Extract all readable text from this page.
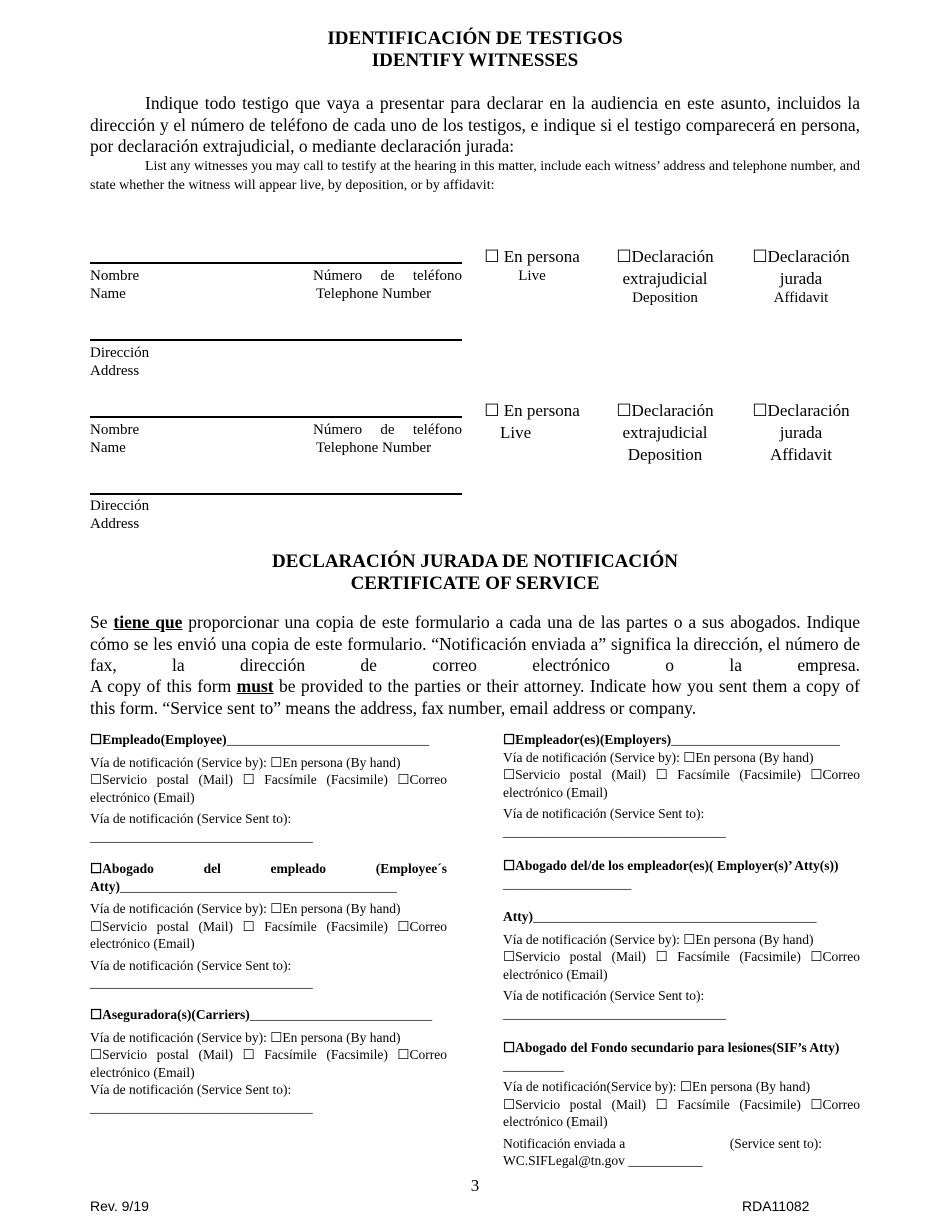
IDENTIFICACIÓN DE TESTIGOS
IDENTIFY WITNESSES
Indique todo testigo que vaya a presentar para declarar en la audiencia en este asunto, incluidos la dirección y el número de teléfono de cada uno de los testigos, e indique si el testigo comparecerá en persona, por declaración extrajudicial, o mediante declaración jurada:
List any witnesses you may call to testify at the hearing in this matter, include each witness’ address and telephone number, and state whether the witness will appear live, by deposition, or by affidavit:
Nombre
Name
Número de teléfono
Telephone Number
☐ En persona
Live
☐Declaración
extrajudicial
Deposition
☐Declaración
jurada
Affidavit
Dirección
Address
Nombre
Name
Número de teléfono
Telephone Number
☐ En persona
Live
☐Declaración
extrajudicial
Deposition
☐Declaración
jurada
Affidavit
Dirección
Address
DECLARACIÓN JURADA DE NOTIFICACIÓN
CERTIFICATE OF SERVICE
Se tiene que proporcionar una copia de este formulario a cada una de las partes o a sus abogados. Indique cómo se les envió una copia de este formulario. “Notificación enviada a” significa la dirección, el número de fax, la dirección de correo electrónico o la empresa.
A copy of this form must be provided to the parties or their attorney. Indicate how you sent them a copy of this form. “Service sent to” means the address, fax number, email address or company.
☐Empleado(Employee)______________________________
Vía de notificación (Service by): ☐En persona (By hand)
☐Servicio postal (Mail) ☐ Facsímile (Facsimile) ☐Correo
electrónico (Email)
Vía de notificación (Service Sent to):
_________________________________
☐Abogado	del	empleado	(Employee´s
Atty)_________________________________________
Vía de notificación (Service by): ☐En persona (By hand)
☐Servicio postal (Mail) ☐ Facsímile (Facsimile) ☐Correo
electrónico (Email)
Vía de notificación (Service Sent to):
_________________________________
☐Aseguradora(s)(Carriers)___________________________
Vía de notificación (Service by): ☐En persona (By hand)
☐Servicio postal (Mail) ☐ Facsímile (Facsimile) ☐Correo
electrónico (Email)
Vía de notificación (Service Sent to):
_________________________________
☐Empleador(es)(Employers)_________________________
Vía de notificación (Service by): ☐En persona (By hand)
☐Servicio postal (Mail) ☐ Facsímile (Facsimile) ☐Correo
electrónico (Email)
Vía de notificación (Service Sent to):
_________________________________
☐Abogado del/de los empleador(es)( Employer(s)’ Atty(s))
___________________
Atty)__________________________________________
Vía de notificación (Service by): ☐En persona (By hand)
☐Servicio postal (Mail) ☐ Facsímile (Facsimile) ☐Correo
electrónico (Email)
Vía de notificación (Service Sent to):
_________________________________
☐Abogado del Fondo secundario para lesiones(SIF’s Atty)
_________
Vía de notificación(Service by): ☐En persona (By hand)
☐Servicio postal (Mail) ☐ Facsímile (Facsimile) ☐Correo
electrónico (Email)
Notificación enviada a	(Service sent to):
WC.SIFLegal@tn.gov ___________
3
Rev. 9/19	RDA11082
